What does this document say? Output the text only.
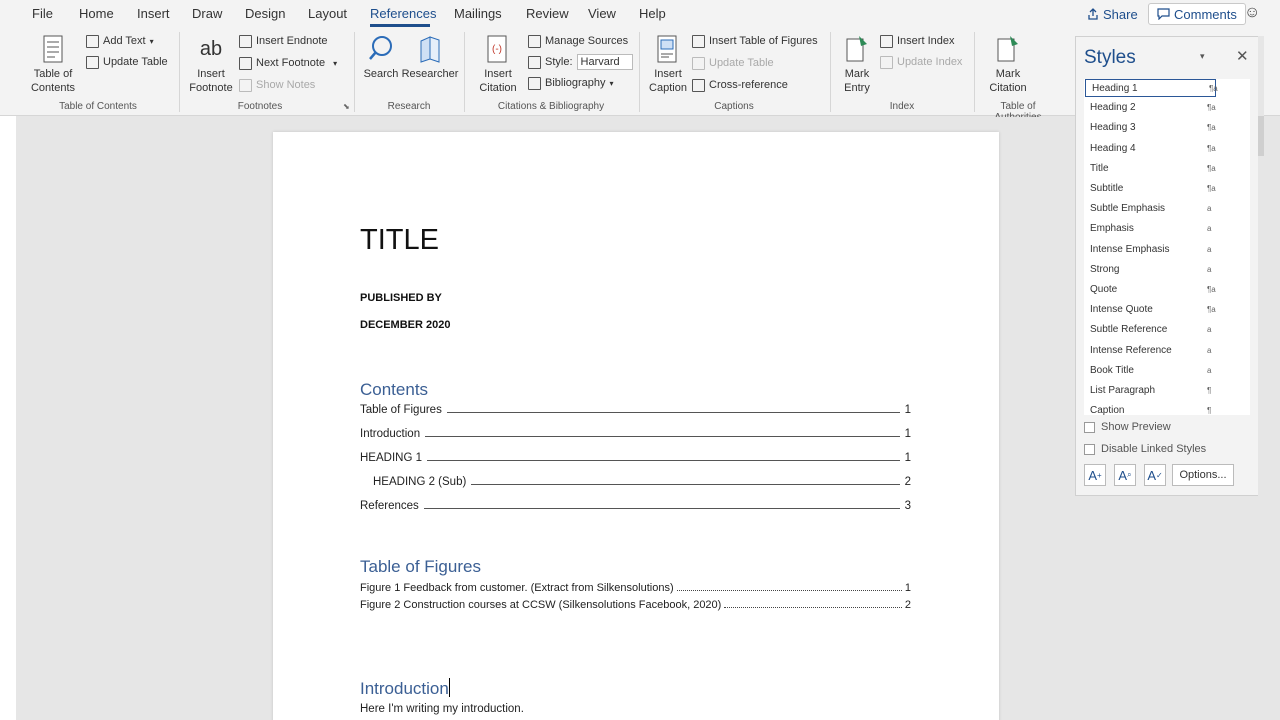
File Home Insert Draw Design Layout References Mailings Review View Help	Share	Comments ☺
Table of Contents
Add Text ▾
Update Table
Table of Contents
ab
Insert Footnote
Insert Endnote
Next Footnote ▾
Show Notes
Footnotes	⬊
Search Researcher
Research
(-)
Insert Citation
Manage Sources
Style: Harvard
Bibliography ▾
Citations & Bibliography
Insert Caption
Insert Table of Figures
Update Table
Cross-reference
Captions
Mark Entry
Insert Index
Update Index
Index
Mark Citation
Table of
TITLE
PUBLISHED BY
DECEMBER 2020
Contents
Table of Figures	1
Introduction	1
HEADING 1	1
HEADING 2 (Sub)	2
References	3
Table of Figures
Figure 1 Feedback from customer. (Extract from Silkensolutions)	1
Figure 2 Construction courses at CCSW (Silkensolutions Facebook, 2020)	2
Introduction
Here I'm writing my introduction.
Styles	▾ ✕
Heading 1	¶a
Heading 2	¶a
Heading 3	¶a
Heading 4	¶a
Title	¶a
Subtitle	¶a
Subtle Emphasis	a
Emphasis	a
Intense Emphasis	a
Strong	a
Quote	¶a
Intense Quote	¶a
Subtle Reference	a
Intense Reference	a
Book Title	a
List Paragraph	¶
Caption	¶
Show Preview
Disable Linked Styles
A +	A ⌕ A ✓	Options...
